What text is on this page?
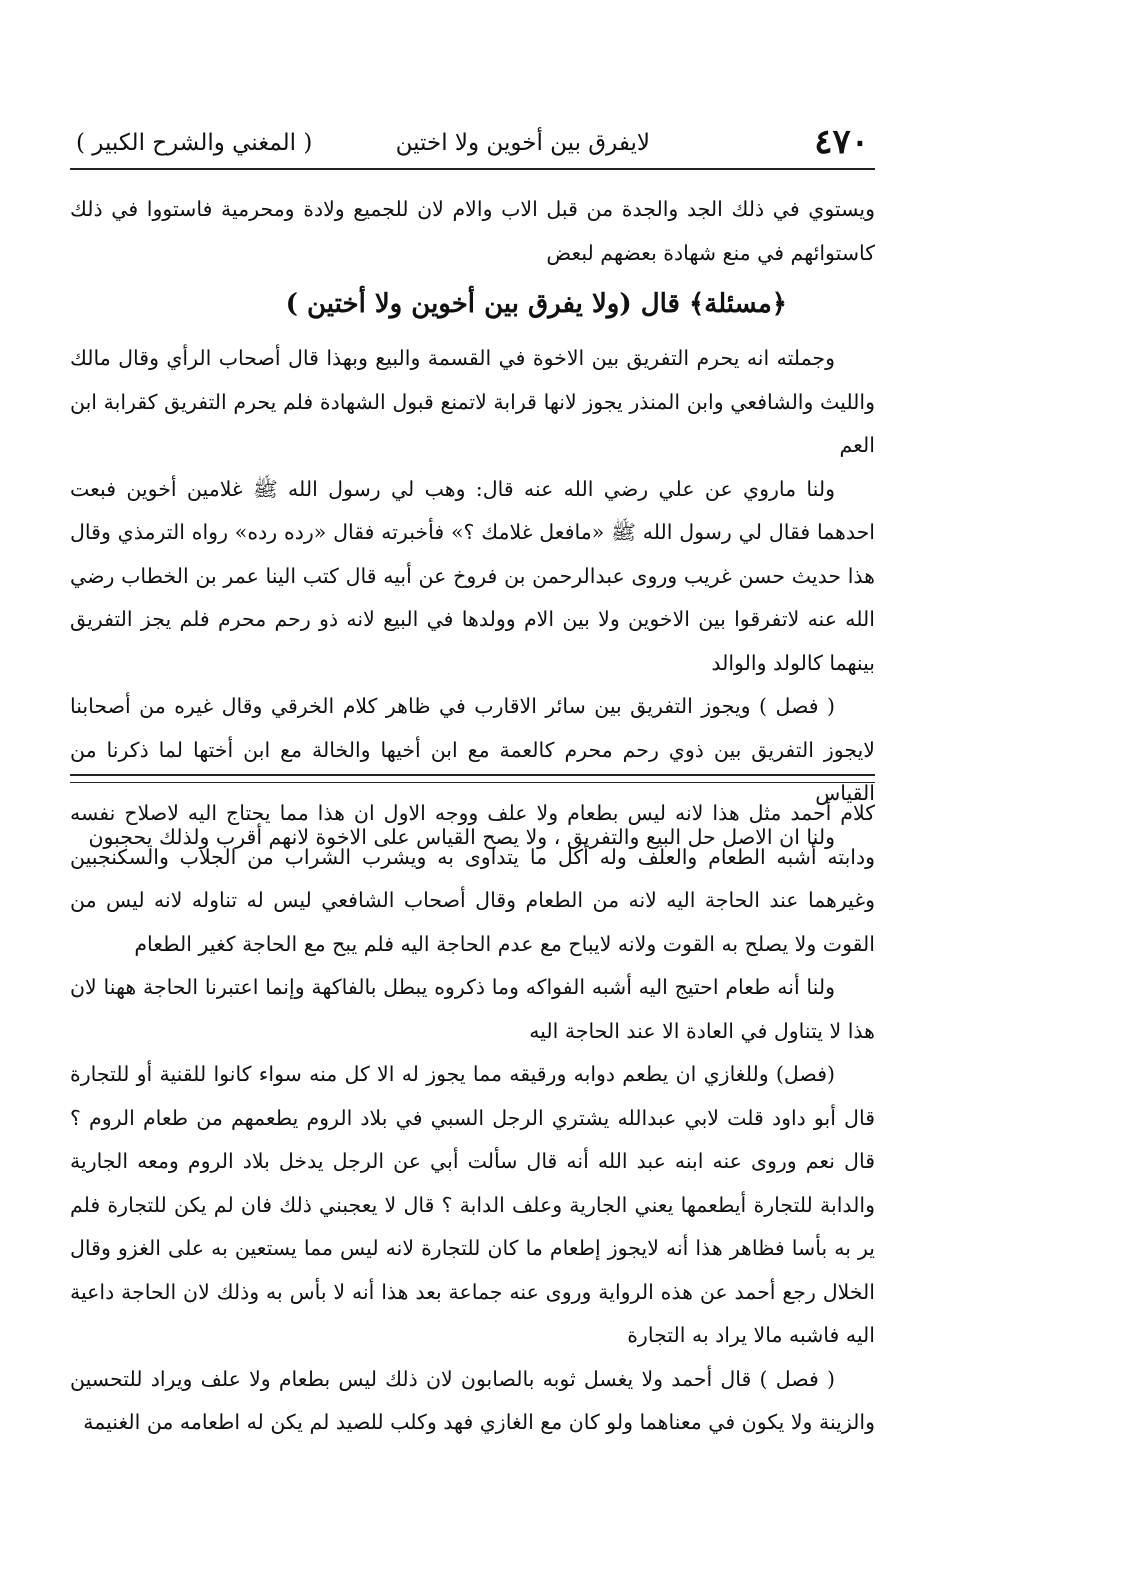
٤٧٠
لايفرق بين أخوين ولا اختين
( المغني والشرح الكبير )

ويستوي في ذلك الجد والجدة من قبل الاب والام لان للجميع ولادة ومحرمية فاستووا في ذلك كاستوائهم في منع شهادة بعضهم لبعض

﴿مسئلة﴾ قال (ولا يفرق بين أخوين ولا أختين )

وجملته انه يحرم التفريق بين الاخوة في القسمة والبيع وبهذا قال أصحاب الرأي وقال مالك والليث والشافعي وابن المنذر يجوز لانها قرابة لاتمنع قبول الشهادة فلم يحرم التفريق كقرابة ابن العم

ولنا ماروي عن علي رضي الله عنه قال: وهب لي رسول الله ﷺ غلامين أخوين فبعت احدهما فقال لي رسول الله ﷺ «مافعل غلامك ؟» فأخبرته فقال «رده رده» رواه الترمذي وقال هذا حديث حسن غريب وروى عبدالرحمن بن فروخ عن أبيه قال كتب الينا عمر بن الخطاب رضي الله عنه لاتفرقوا بين الاخوين ولا بين الام وولدها في البيع لانه ذو رحم محرم فلم يجز التفريق بينهما كالولد والوالد

( فصل ) ويجوز التفريق بين سائر الاقارب في ظاهر كلام الخرقي وقال غيره من أصحابنا لايجوز التفريق بين ذوي رحم محرم كالعمة مع ابن أخيها والخالة مع ابن أختها لما ذكرنا من القياس

ولنا ان الاصل حل البيع والتفريق ، ولا يصح القياس على الاخوة لانهم أقرب ولذلك يحجبون

كلام أحمد مثل هذا لانه ليس بطعام ولا علف ووجه الاول ان هذا مما يحتاج اليه لاصلاح نفسه ودابته أشبه الطعام والعلف وله أكل ما يتداوى به ويشرب الشراب من الجلاب والسكنجبين وغيرهما عند الحاجة اليه لانه من الطعام وقال أصحاب الشافعي ليس له تناوله لانه ليس من القوت ولا يصلح به القوت ولانه لايباح مع عدم الحاجة اليه فلم يبح مع الحاجة كغير الطعام

ولنا أنه طعام احتيج اليه أشبه الفواكه وما ذكروه يبطل بالفاكهة وإنما اعتبرنا الحاجة ههنا لان هذا لا يتناول في العادة الا عند الحاجة اليه

(فصل) وللغازي ان يطعم دوابه ورقيقه مما يجوز له الا كل منه سواء كانوا للقنية أو للتجارة قال أبو داود قلت لابي عبدالله يشتري الرجل السبي في بلاد الروم يطعمهم من طعام الروم ؟ قال نعم وروى عنه ابنه عبد الله أنه قال سألت أبي عن الرجل يدخل بلاد الروم ومعه الجارية والدابة للتجارة أيطعمها يعني الجارية وعلف الدابة ؟ قال لا يعجبني ذلك فان لم يكن للتجارة فلم ير به بأسا فظاهر هذا أنه لايجوز إطعام ما كان للتجارة لانه ليس مما يستعين به على الغزو وقال الخلال رجع أحمد عن هذه الرواية وروى عنه جماعة بعد هذا أنه لا بأس به وذلك لان الحاجة داعية اليه فاشبه مالا يراد به التجارة

( فصل ) قال أحمد ولا يغسل ثوبه بالصابون لان ذلك ليس بطعام ولا علف ويراد للتحسين والزينة ولا يكون في معناهما ولو كان مع الغازي فهد وكلب للصيد لم يكن له اطعامه من الغنيمة
